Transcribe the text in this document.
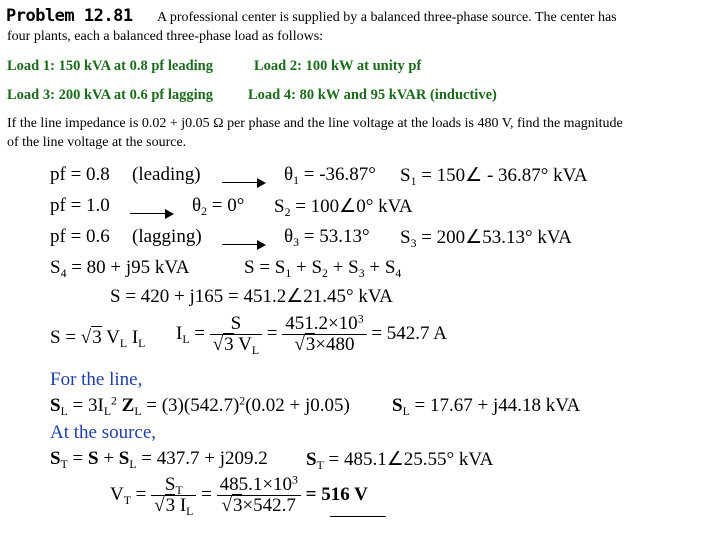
Problem 12.81 A professional center is supplied by a balanced three-phase source. The center has
four plants, each a balanced three-phase load as follows:
Load 1: 150 kVA at 0.8 pf leading	Load 2: 100 kW at unity pf
Load 3: 200 kVA at 0.6 pf lagging Load 4: 80 kW and 95 kVAR (inductive)
If the line impedance is 0.02 + j0.05 Ω per phase and the line voltage at the loads is 480 V, find the magnitude
of the line voltage at the source.
pf = 0.8 (leading)	$\theta_1 = -36.87^\circ$ $S_1$ = 150∠ - 36.87° kVA
pf = 1.0	$\theta_2 = 0^\circ$ $S_2$ = 100∠0° kVA
pf = 0.6 (lagging)	$\theta_3 = 53.13^\circ$ $S_3$ = 200∠53.13° kVA
$S_4 = 80 + j95$ kVA	$S = S_1 + S_2 + S_3 + S_4$
S = 420 + j165 = 451.2∠21.45° kVA
S = √3 $V_L$ $I_L$ $I_L = \frac{S}{√3 V_L} = \frac{451.2\times 10^3}{√3\times 480} = 542.7$ A
For the line,
$S_L = 3I_L^2$ $Z_L = (3)(542.7)^2(0.02 + j0.05) S_L = 17.67 + j44.18$ kVA
At the source,
$S_T = S + S_L = 437.7 + j209.2$ $S_T$ = 485.1∠25.55° kVA
$V_T = \frac{S_T}{√3 I_L} = \frac{485.1\times 10^3}{√3\times 542.7} = 516$ V
